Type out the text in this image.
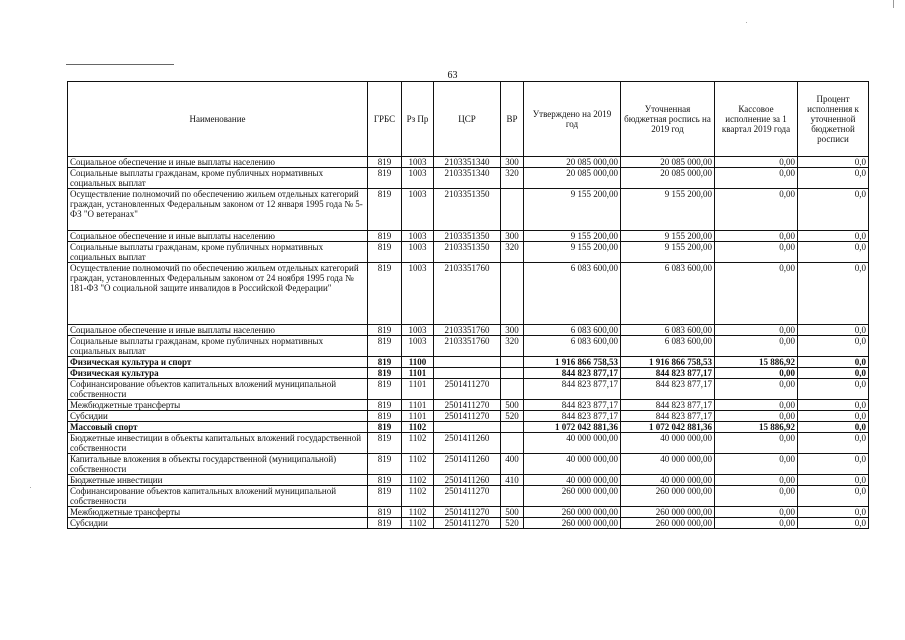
63
Наименование	ГРБС	Рз Пр	ЦСР	ВР	Утверждено на 2019 год	Уточненная бюджетная роспись на 2019 год	Кассовое исполнение за 1 квартал 2019 года	Процент исполнения к уточненной бюджетной росписи
Социальное обеспечение и иные выплаты населению	819	1003	2103351340	300	20 085 000,00	20 085 000,00	0,00	0,0
Социальные выплаты гражданам, кроме публичных нормативных социальных выплат	819	1003	2103351340	320	20 085 000,00	20 085 000,00	0,00	0,0
Осуществление полномочий по обеспечению жильем отдельных категорий граждан, установленных Федеральным законом от 12 января 1995 года № 5-ФЗ "О ветеранах"	819	1003	2103351350		9 155 200,00	9 155 200,00	0,00	0,0
Социальное обеспечение и иные выплаты населению	819	1003	2103351350	300	9 155 200,00	9 155 200,00	0,00	0,0
Социальные выплаты гражданам, кроме публичных нормативных социальных выплат	819	1003	2103351350	320	9 155 200,00	9 155 200,00	0,00	0,0
Осуществление полномочий по обеспечению жильем отдельных категорий граждан, установленных Федеральным законом от 24 ноября 1995 года № 181-ФЗ "О социальной защите инвалидов в Российской Федерации"	819	1003	2103351760		6 083 600,00	6 083 600,00	0,00	0,0
Социальное обеспечение и иные выплаты населению	819	1003	2103351760	300	6 083 600,00	6 083 600,00	0,00	0,0
Социальные выплаты гражданам, кроме публичных нормативных социальных выплат	819	1003	2103351760	320	6 083 600,00	6 083 600,00	0,00	0,0
Физическая культура и спорт	819	1100			1 916 866 758,53	1 916 866 758,53	15 886,92	0,0
Физическая культура	819	1101			844 823 877,17	844 823 877,17	0,00	0,0
Софинансирование объектов капитальных вложений муниципальной собственности	819	1101	2501411270		844 823 877,17	844 823 877,17	0,00	0,0
Межбюджетные трансферты	819	1101	2501411270	500	844 823 877,17	844 823 877,17	0,00	0,0
Субсидии	819	1101	2501411270	520	844 823 877,17	844 823 877,17	0,00	0,0
Массовый спорт	819	1102			1 072 042 881,36	1 072 042 881,36	15 886,92	0,0
Бюджетные инвестиции в объекты капитальных вложений государственной собственности	819	1102	2501411260		40 000 000,00	40 000 000,00	0,00	0,0
Капитальные вложения в объекты государственной (муниципальной) собственности	819	1102	2501411260	400	40 000 000,00	40 000 000,00	0,00	0,0
Бюджетные инвестиции	819	1102	2501411260	410	40 000 000,00	40 000 000,00	0,00	0,0
Софинансирование объектов капитальных вложений муниципальной собственности	819	1102	2501411270		260 000 000,00	260 000 000,00	0,00	0,0
Межбюджетные трансферты	819	1102	2501411270	500	260 000 000,00	260 000 000,00	0,00	0,0
Субсидии	819	1102	2501411270	520	260 000 000,00	260 000 000,00	0,00	0,0
